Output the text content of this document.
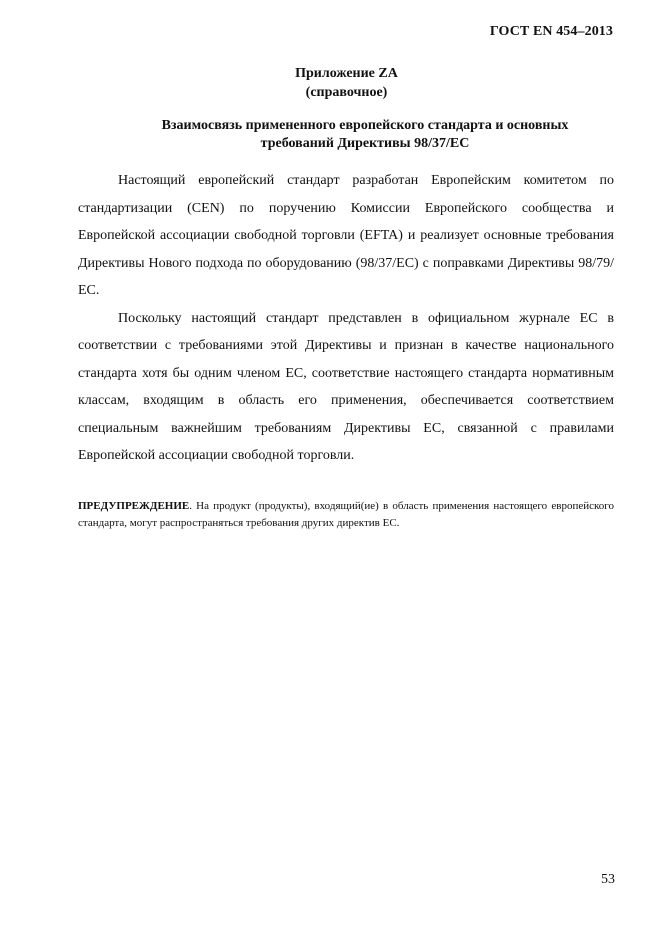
ГОСТ EN 454–2013
Приложение ZA
(справочное)
Взаимосвязь примененного европейского стандарта и основных
требований Директивы 98/37/ЕС

Настоящий европейский стандарт разработан Европейским комитетом по стандартизации (CEN) по поручению Комиссии Европейского сообщества и Европейской ассоциации свободной торговли (EFTA) и реализует основные требования Директивы Нового подхода по оборудованию (98/37/ЕС) с поправками Директивы 98/79/ЕС.

Поскольку настоящий стандарт представлен в официальном журнале ЕС в соответствии с требованиями этой Директивы и признан в качестве национального стандарта хотя бы одним членом ЕС, соответствие настоящего стандарта нормативным классам, входящим в область его применения, обеспечивается соответствием специальным важнейшим требованиям Директивы ЕС, связанной с правилами Европейской ассоциации свободной торговли.

ПРЕДУПРЕЖДЕНИЕ. На продукт (продукты), входящий(ие) в область применения настоящего европейского стандарта, могут распространяться требования других директив ЕС.
53
